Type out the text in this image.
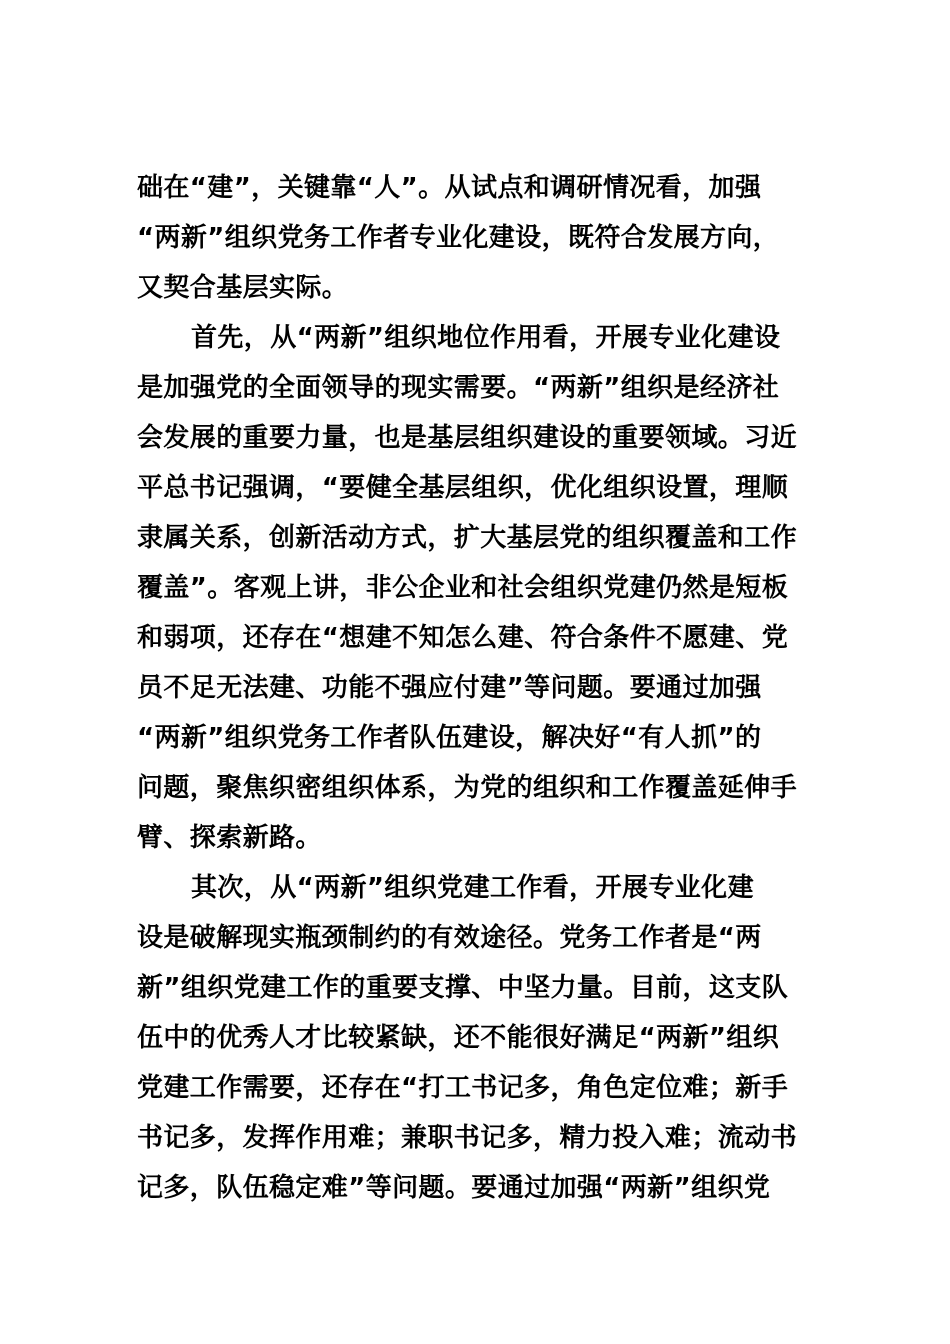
础在“建”，关键靠“人”。从试点和调研情况看，加强
“两新”组织党务工作者专业化建设，既符合发展方向，
又契合基层实际。
首先，从“两新”组织地位作用看，开展专业化建设
是加强党的全面领导的现实需要。“两新”组织是经济社
会发展的重要力量，也是基层组织建设的重要领域。习近
平总书记强调，“要健全基层组织，优化组织设置，理顺
隶属关系，创新活动方式，扩大基层党的组织覆盖和工作
覆盖”。客观上讲，非公企业和社会组织党建仍然是短板
和弱项，还存在“想建不知怎么建、符合条件不愿建、党
员不足无法建、功能不强应付建”等问题。要通过加强
“两新”组织党务工作者队伍建设，解决好“有人抓”的
问题，聚焦织密组织体系，为党的组织和工作覆盖延伸手
臂、探索新路。
其次，从“两新”组织党建工作看，开展专业化建
设是破解现实瓶颈制约的有效途径。党务工作者是“两
新”组织党建工作的重要支撑、中坚力量。目前，这支队
伍中的优秀人才比较紧缺，还不能很好满足“两新”组织
党建工作需要，还存在“打工书记多，角色定位难；新手
书记多，发挥作用难；兼职书记多，精力投入难；流动书
记多，队伍稳定难”等问题。要通过加强“两新”组织党
